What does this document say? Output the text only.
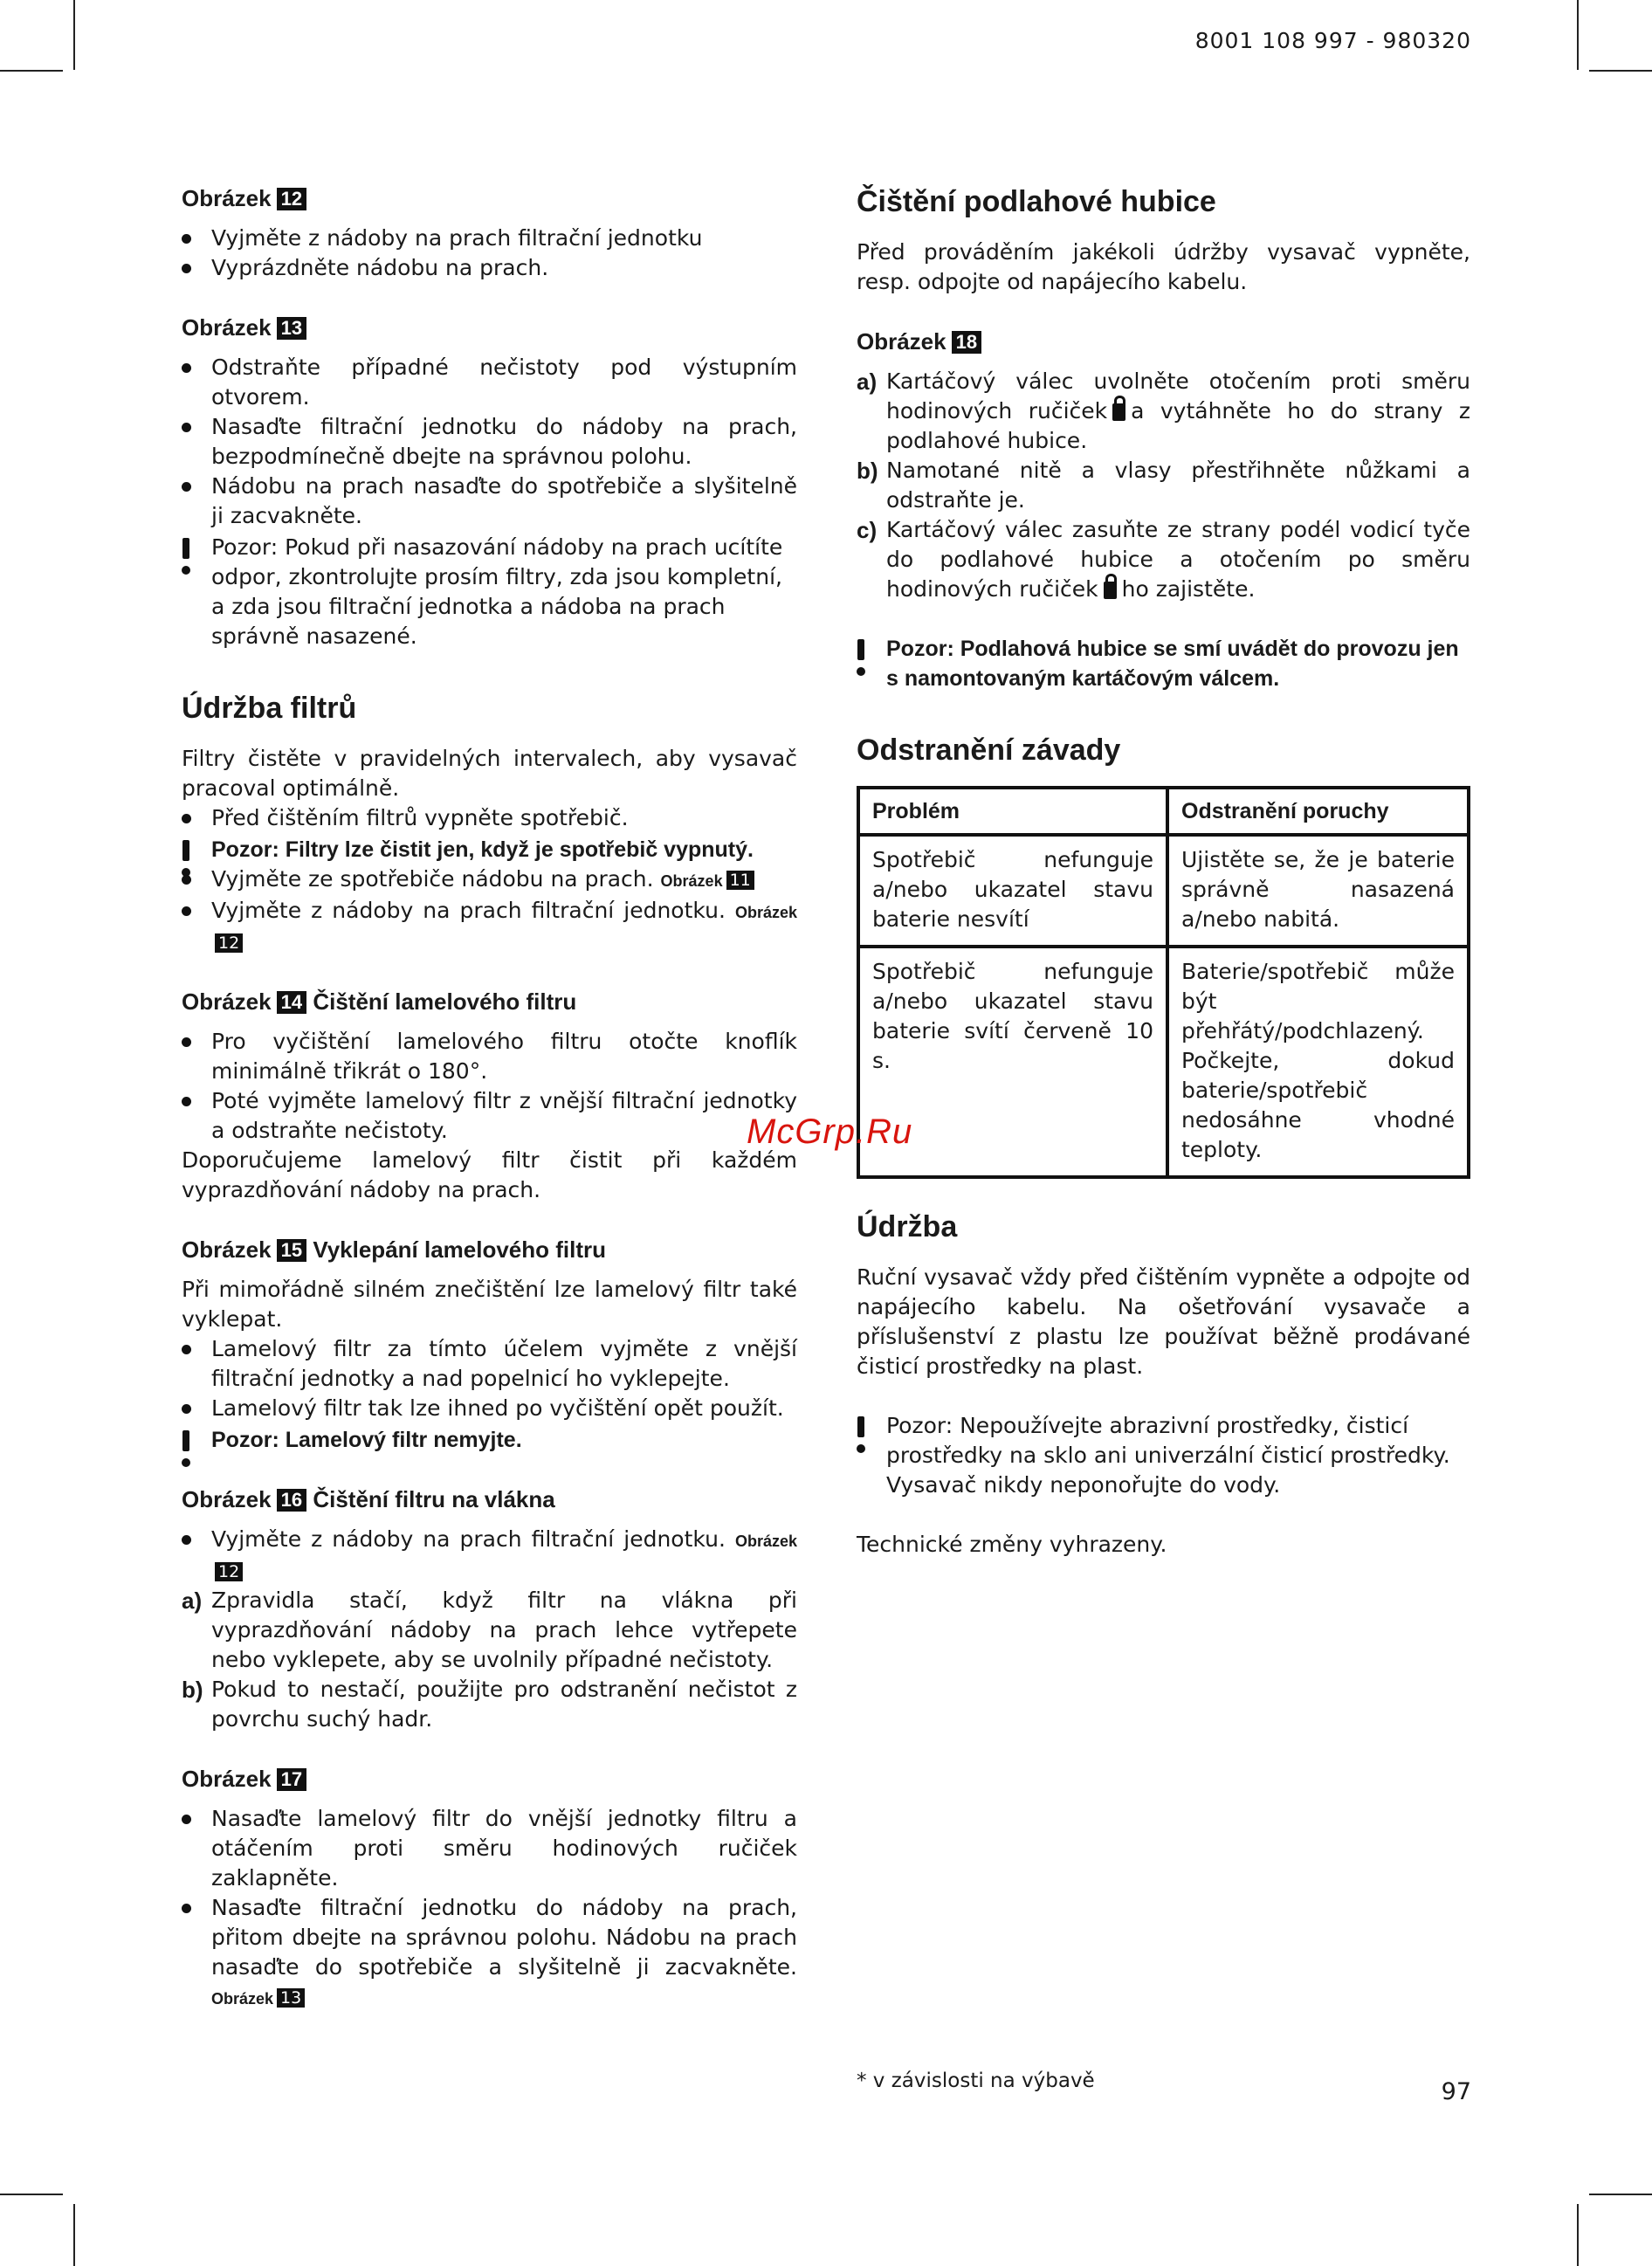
8001 108 997 - 980320
Obrázek 12
Vyjměte z nádoby na prach filtrační jednotku
Vyprázdněte nádobu na prach.
Obrázek 13
Odstraňte případné nečistoty pod výstupním otvorem.
Nasaďte filtrační jednotku do nádoby na prach, bezpodmínečně dbejte na správnou polohu.
Nádobu na prach nasaďte do spotřebiče a slyšitelně ji zacvakněte.
Pozor: Pokud při nasazování nádoby na prach ucítíte odpor, zkontrolujte prosím filtry, zda jsou kompletní, a zda jsou filtrační jednotka a nádoba na prach správně nasazené.
Údržba filtrů

Filtry čistěte v pravidelných intervalech, aby vysavač pracoval optimálně.

Před čištěním filtrů vypněte spotřebič.
Pozor: Filtry lze čistit jen, když je spotřebič vypnutý.
Vyjměte ze spotřebiče nádobu na prach. Obrázek 11
Vyjměte z nádoby na prach filtrační jednotku. Obrázek12
Obrázek 14 Čištění lamelového filtru
Pro vyčištění lamelového filtru otočte knoflík minimálně třikrát o 180°.
Poté vyjměte lamelový filtr z vnější filtrační jednotky a odstraňte nečistoty.

Doporučujeme lamelový filtr čistit při každém vyprazdňování nádoby na prach.

Obrázek 15 Vyklepání lamelového filtru

Při mimořádně silném znečištění lze lamelový filtr také vyklepat.

Lamelový filtr za tímto účelem vyjměte z vnější filtrační jednotky a nad popelnicí ho vyklepejte.
Lamelový filtr tak lze ihned po vyčištění opět použít.
Pozor: Lamelový filtr nemyjte.
Obrázek 16 Čištění filtru na vlákna
Vyjměte z nádoby na prach filtrační jednotku. Obrázek12
a) Zpravidla stačí, když filtr na vlákna při vyprazdňování nádoby na prach lehce vytřepete nebo vyklepete, aby se uvolnily případné nečistoty.
b) Pokud to nestačí, použijte pro odstranění nečistot z povrchu suchý hadr.
Obrázek 17
Nasaďte lamelový filtr do vnější jednotky filtru a otáčením proti směru hodinových ručiček zaklapněte.
Nasaďte filtrační jednotku do nádoby na prach, přitom dbejte na správnou polohu. Nádobu na prach nasaďte do spotřebiče a slyšitelně ji zacvakněte. Obrázek 13
Čištění podlahové hubice

Před prováděním jakékoli údržby vysavač vypněte, resp. odpojte od napájecího kabelu.

Obrázek 18
a) Kartáčový válec uvolněte otočením proti směru hodinových ručiček a vytáhněte ho do strany z podlahové hubice.
b) Namotané nitě a vlasy přestřihněte nůžkami a odstraňte je.
c) Kartáčový válec zasuňte ze strany podél vodicí tyče do podlahové hubice a otočením po směru hodinových ručiček ho zajistěte.
Pozor: Podlahová hubice se smí uvádět do provozu jen s namontovaným kartáčovým válcem.
Odstranění závady
Problém	Odstranění poruchy
Spotřebič nefunguje a/nebo ukazatel stavu baterie nesvítí	Ujistěte se, že je baterie správně nasazená a/nebo nabitá.
Spotřebič nefunguje a/nebo ukazatel stavu baterie svítí červeně 10 s.	Baterie/spotřebič může být přehřátý/podchlazený. Počkejte, dokud baterie/spotřebič nedosáhne vhodné teploty.
Údržba

Ruční vysavač vždy před čištěním vypněte a odpojte od napájecího kabelu. Na ošetřování vysavače a příslušenství z plastu lze používat běžně prodávané čisticí prostředky na plast.

Pozor: Nepoužívejte abrazivní prostředky, čisticí prostředky na sklo ani univerzální čisticí prostředky. Vysavač nikdy neponořujte do vody.

Technické změny vyhrazeny.

McGrp.Ru
* v závislosti na výbavě	97
